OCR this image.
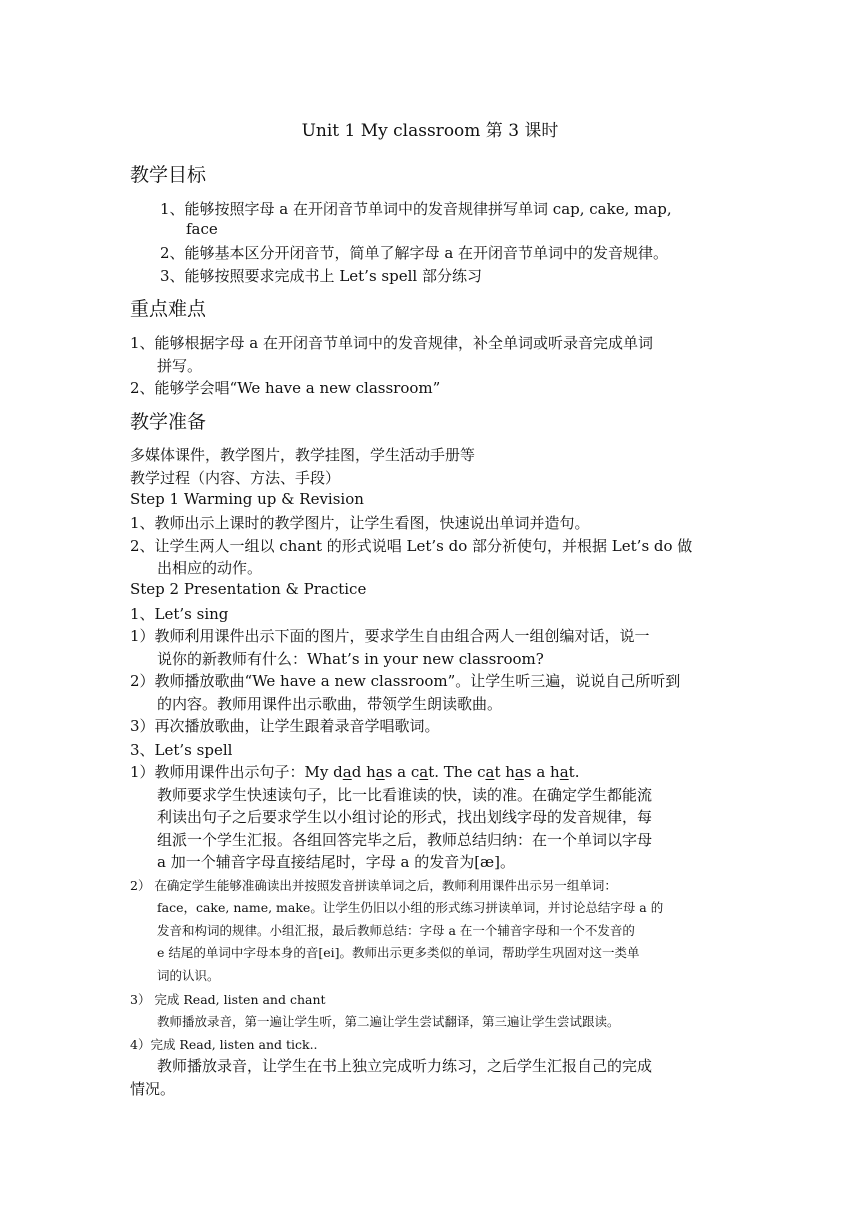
Unit 1 My classroom 第 3 课时
教学目标
1、能够按照字母 a 在开闭音节单词中的发音规律拼写单词 cap, cake, map,
face
2、能够基本区分开闭音节，简单了解字母 a 在开闭音节单词中的发音规律。
3、能够按照要求完成书上 Let’s spell 部分练习
重点难点
1、能够根据字母 a 在开闭音节单词中的发音规律，补全单词或听录音完成单词
拼写。
2、能够学会唱“We have a new classroom”
教学准备
多媒体课件，教学图片，教学挂图，学生活动手册等
教学过程（内容、方法、手段）
Step 1 Warming up & Revision
1、教师出示上课时的教学图片，让学生看图，快速说出单词并造句。
2、让学生两人一组以 chant 的形式说唱 Let’s do 部分祈使句，并根据 Let’s do 做
出相应的动作。
Step 2 Presentation & Practice
1、Let’s sing
1）教师利用课件出示下面的图片，要求学生自由组合两人一组创编对话，说一
说你的新教师有什么：What’s in your new classroom?
2）教师播放歌曲“We have a new classroom”。让学生听三遍，说说自己所听到
的内容。教师用课件出示歌曲，带领学生朗读歌曲。
3）再次播放歌曲，让学生跟着录音学唱歌词。
3、Let’s spell
1）教师用课件出示句子：My dad has a cat. The cat has a hat.
教师要求学生快速读句子，比一比看谁读的快，读的准。在确定学生都能流
利读出句子之后要求学生以小组讨论的形式，找出划线字母的发音规律，每
组派一个学生汇报。各组回答完毕之后，教师总结归纳：在一个单词以字母
a 加一个辅音字母直接结尾时，字母 a 的发音为[æ]。
2） 在确定学生能够准确读出并按照发音拼读单词之后，教师利用课件出示另一组单词：
face，cake, name, make。让学生仍旧以小组的形式练习拼读单词，并讨论总结字母 a 的
发音和构词的规律。小组汇报，最后教师总结：字母 a 在一个辅音字母和一个不发音的
e 结尾的单词中字母本身的音[ei]。教师出示更多类似的单词，帮助学生巩固对这一类单
词的认识。
3） 完成 Read, listen and chant
教师播放录音，第一遍让学生听，第二遍让学生尝试翻译，第三遍让学生尝试跟读。
4）完成 Read, listen and tick..
教师播放录音，让学生在书上独立完成听力练习，之后学生汇报自己的完成
情况。
